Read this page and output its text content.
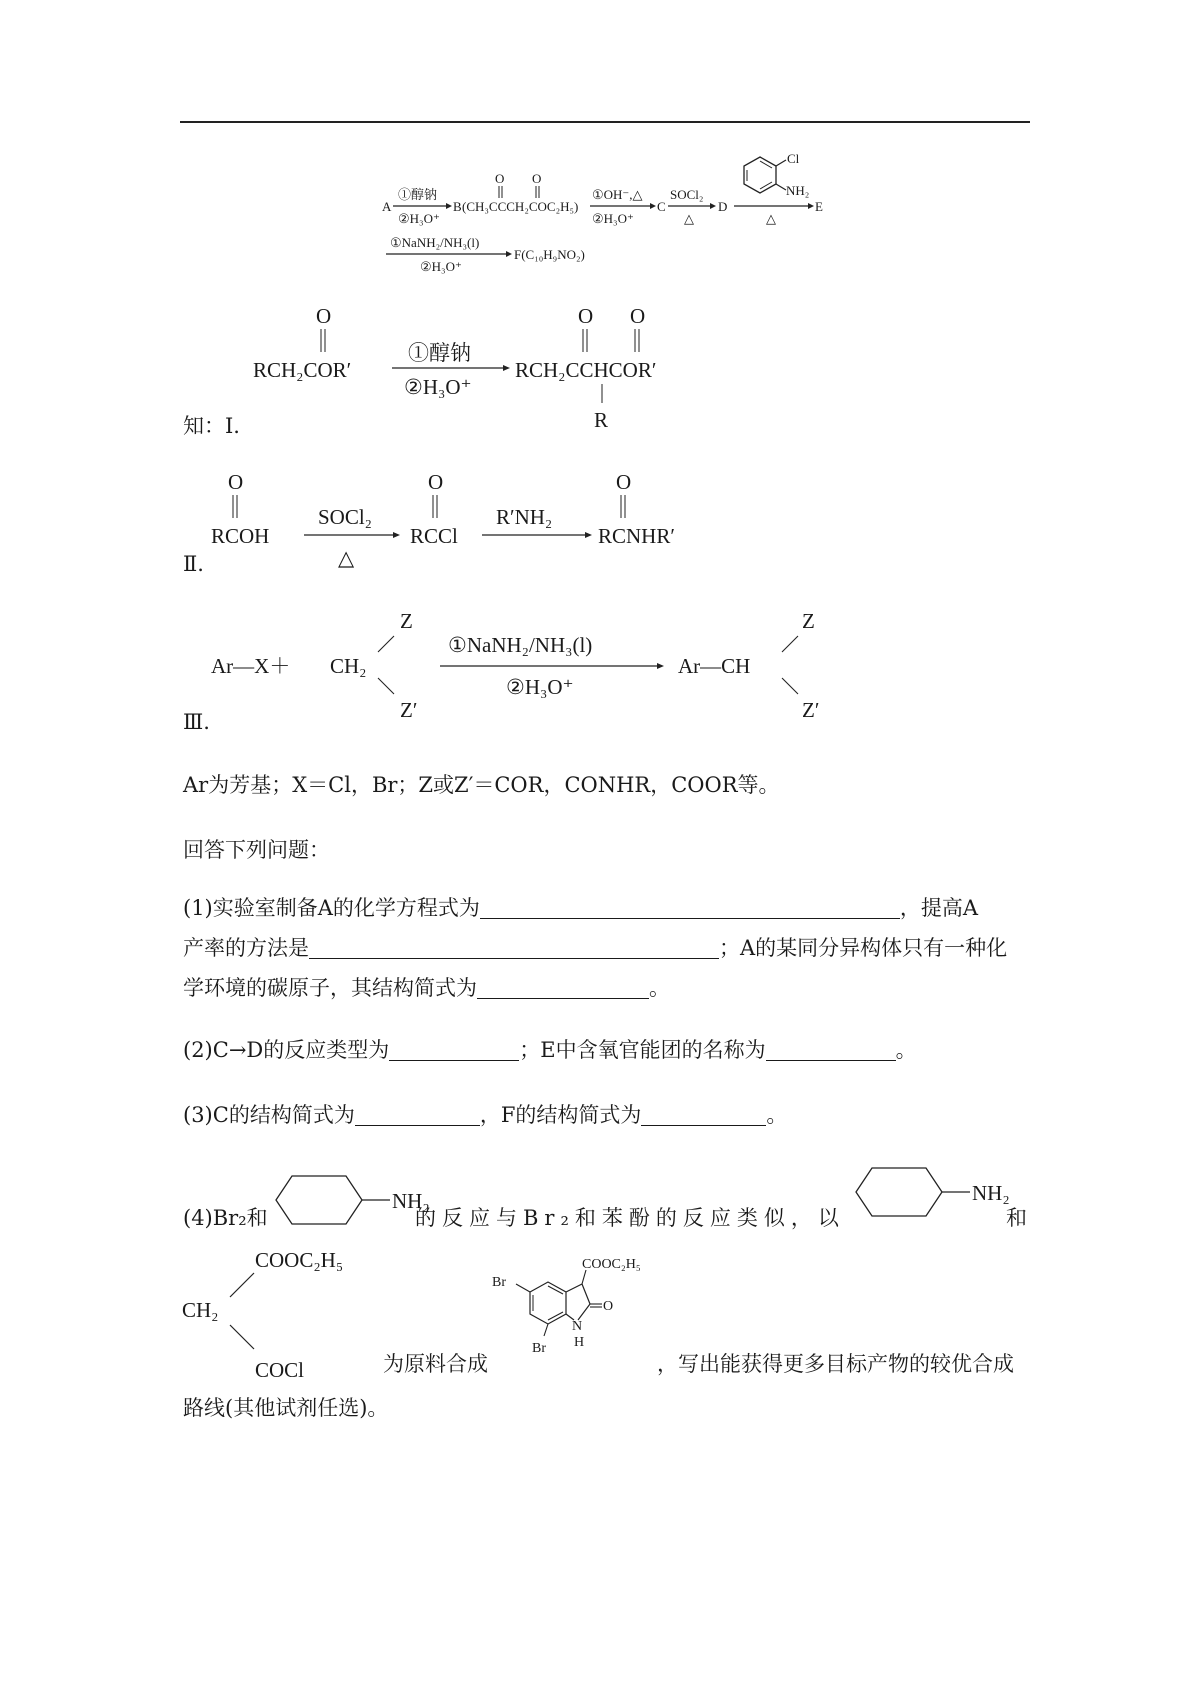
A
①醇钠
②H₃O⁺
B
O O
(CH₃CCCH₂COC₂H₅)
①OH⁻,△
②H₃O⁺
C
SOCl₂
△
D
Cl
NH₂
△
E
①NaNH₂/NH₃(l)
②H₃O⁺
F(C₁₀H₉NO₂)
O
RCH₂COR′
①醇钠
②H₃O⁺
O O
RCH₂CCHCOR′
R
知：Ⅰ.
O
RCOH
SOCl₂
△
O
RCCl
R′NH₂
O
RCNHR′
Ⅱ.
Ar—X＋ CH₂
Z
Z′
①NaNH₂/NH₃(l)
②H₃O⁺
Ar—CH
Z
Z′
Ⅲ.
Ar为芳基；X＝Cl，Br；Z或Z′＝COR，CONHR，COOR等。
回答下列问题：
(1)实验室制备A的化学方程式为	，提高A
产率的方法是	；A的某同分异构体只有一种化
学环境的碳原子，其结构简式为	。
(2)C→D的反应类型为	；E中含氧官能团的名称为	。
(3)C的结构简式为	，F的结构简式为	。
(4)Br₂和
NH₂
的反应与Br₂和苯酚的反应类似，以
NH₂
和
COOC₂H₅
CH₂
COCl	为原料合成
O
COOC₂H₅
Br
Br
N
H
，写出能获得更多目标产物的较优合成
路线(其他试剂任选)。
